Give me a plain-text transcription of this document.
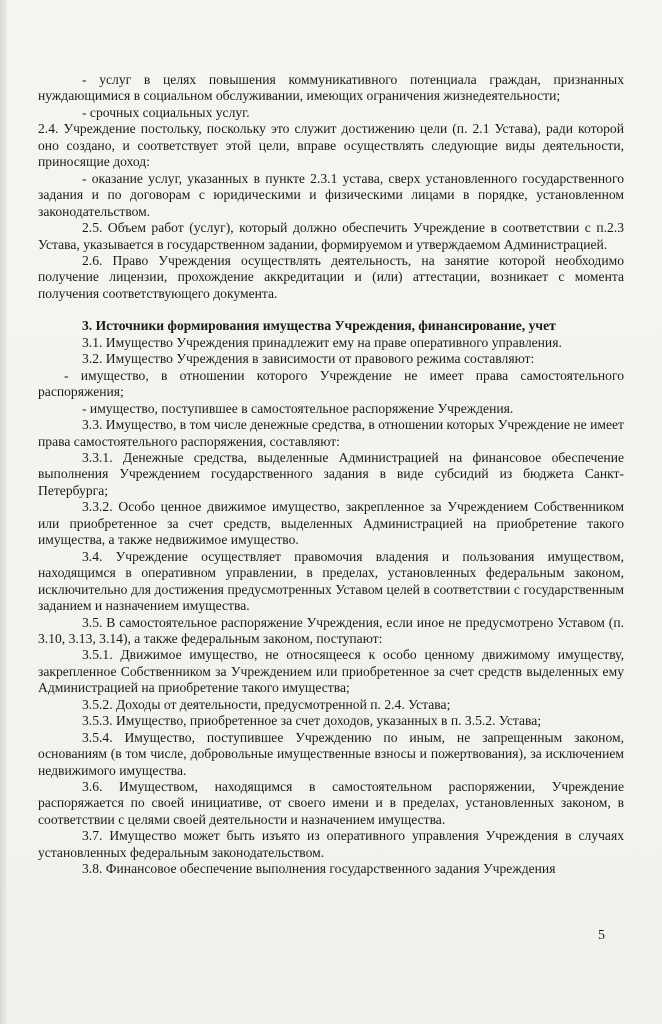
- услуг в целях повышения коммуникативного потенциала граждан, признанных нуждающимися в социальном обслуживании, имеющих ограничения жизнедеятельности;

- срочных социальных услуг.

2.4. Учреждение постольку, поскольку это служит достижению цели (п. 2.1 Устава), ради которой оно создано, и соответствует этой цели, вправе осуществлять следующие виды деятельности, приносящие доход:

- оказание услуг, указанных в пункте 2.3.1 устава, сверх установленного государственного задания и по договорам с юридическими и физическими лицами в порядке, установленном законодательством.

2.5. Объем работ (услуг), который должно обеспечить Учреждение в соответствии с п.2.3 Устава, указывается в государственном задании, формируемом и утверждаемом Администрацией.

2.6. Право Учреждения осуществлять деятельность, на занятие которой необходимо получение лицензии, прохождение аккредитации и (или) аттестации, возникает с момента получения соответствующего документа.

3. Источники формирования имущества Учреждения, финансирование, учет

3.1. Имущество Учреждения принадлежит ему на праве оперативного управления.

3.2. Имущество Учреждения в зависимости от правового режима составляют:

- имущество, в отношении которого Учреждение не имеет права самостоятельного распоряжения;

- имущество, поступившее в самостоятельное распоряжение Учреждения.

3.3. Имущество, в том числе денежные средства, в отношении которых Учреждение не имеет права самостоятельного распоряжения, составляют:

3.3.1. Денежные средства, выделенные Администрацией на финансовое обеспечение выполнения Учреждением государственного задания в виде субсидий из бюджета Санкт-Петербурга;

3.3.2. Особо ценное движимое имущество, закрепленное за Учреждением Собственником или приобретенное за счет средств, выделенных Администрацией на приобретение такого имущества, а также недвижимое имущество.

3.4. Учреждение осуществляет правомочия владения и пользования имуществом, находящимся в оперативном управлении, в пределах, установленных федеральным законом, исключительно для достижения предусмотренных Уставом целей в соответствии с государственным заданием и назначением имущества.

3.5. В самостоятельное распоряжение Учреждения, если иное не предусмотрено Уставом (п. 3.10, 3.13, 3.14), а также федеральным законом, поступают:

3.5.1. Движимое имущество, не относящееся к особо ценному движимому имуществу, закрепленное Собственником за Учреждением или приобретенное за счет средств выделенных ему Администрацией на приобретение такого имущества;

3.5.2. Доходы от деятельности, предусмотренной п. 2.4. Устава;

3.5.3. Имущество, приобретенное за счет доходов, указанных в п. 3.5.2. Устава;

3.5.4. Имущество, поступившее Учреждению по иным, не запрещенным законом, основаниям (в том числе, добровольные имущественные взносы и пожертвования), за исключением недвижимого имущества.

3.6. Имуществом, находящимся в самостоятельном распоряжении, Учреждение распоряжается по своей инициативе, от своего имени и в пределах, установленных законом, в соответствии с целями своей деятельности и назначением имущества.

3.7. Имущество может быть изъято из оперативного управления Учреждения в случаях установленных федеральным законодательством.

3.8. Финансовое обеспечение выполнения государственного задания Учреждения

5
